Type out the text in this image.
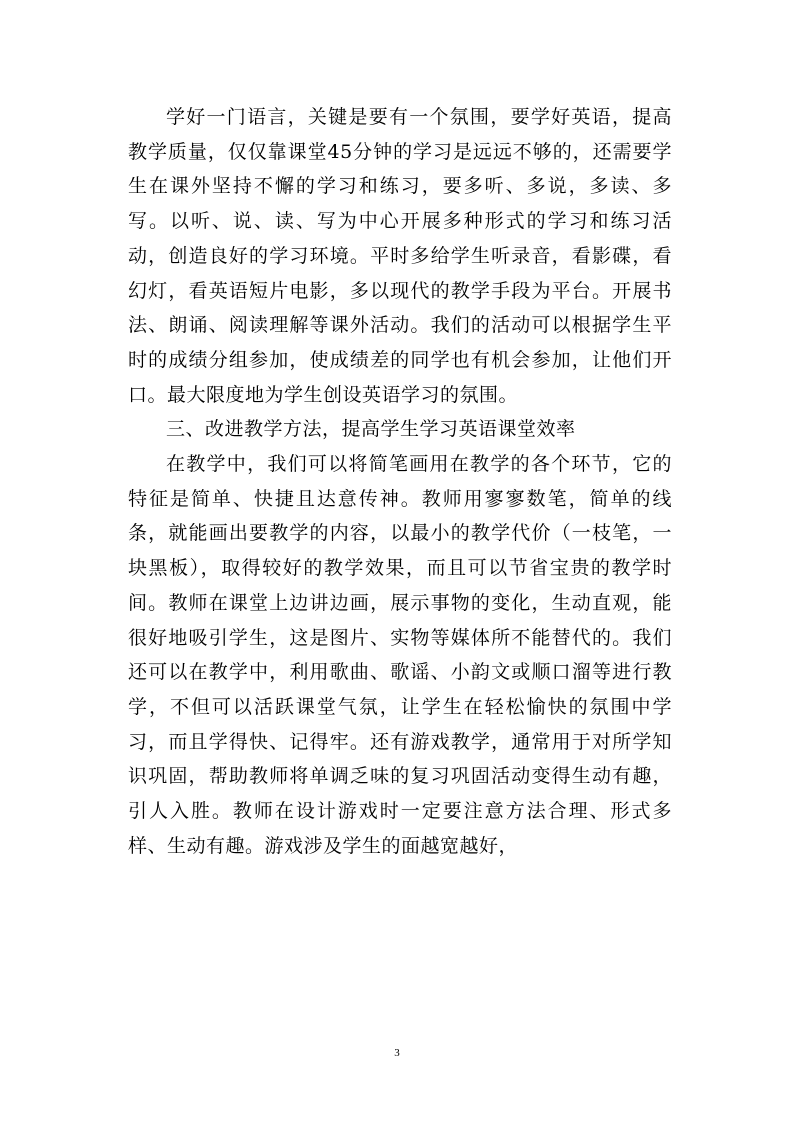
学好一门语言，关键是要有一个氛围，要学好英语，提高教学质量，仅仅靠课堂45分钟的学习是远远不够的，还需要学生在课外坚持不懈的学习和练习，要多听、多说，多读、多写。以听、说、读、写为中心开展多种形式的学习和练习活动，创造良好的学习环境。平时多给学生听录音，看影碟，看幻灯，看英语短片电影，多以现代的教学手段为平台。开展书法、朗诵、阅读理解等课外活动。我们的活动可以根据学生平时的成绩分组参加，使成绩差的同学也有机会参加，让他们开口。最大限度地为学生创设英语学习的氛围。

三、改进教学方法，提高学生学习英语课堂效率

在教学中，我们可以将简笔画用在教学的各个环节，它的特征是简单、快捷且达意传神。教师用寥寥数笔，简单的线条，就能画出要教学的内容，以最小的教学代价（一枝笔，一块黑板），取得较好的教学效果，而且可以节省宝贵的教学时间。教师在课堂上边讲边画，展示事物的变化，生动直观，能很好地吸引学生，这是图片、实物等媒体所不能替代的。我们还可以在教学中，利用歌曲、歌谣、小韵文或顺口溜等进行教学，不但可以活跃课堂气氛，让学生在轻松愉快的氛围中学习，而且学得快、记得牢。还有游戏教学，通常用于对所学知识巩固，帮助教师将单调乏味的复习巩固活动变得生动有趣，引人入胜。教师在设计游戏时一定要注意方法合理、形式多样、生动有趣。游戏涉及学生的面越宽越好，

3
